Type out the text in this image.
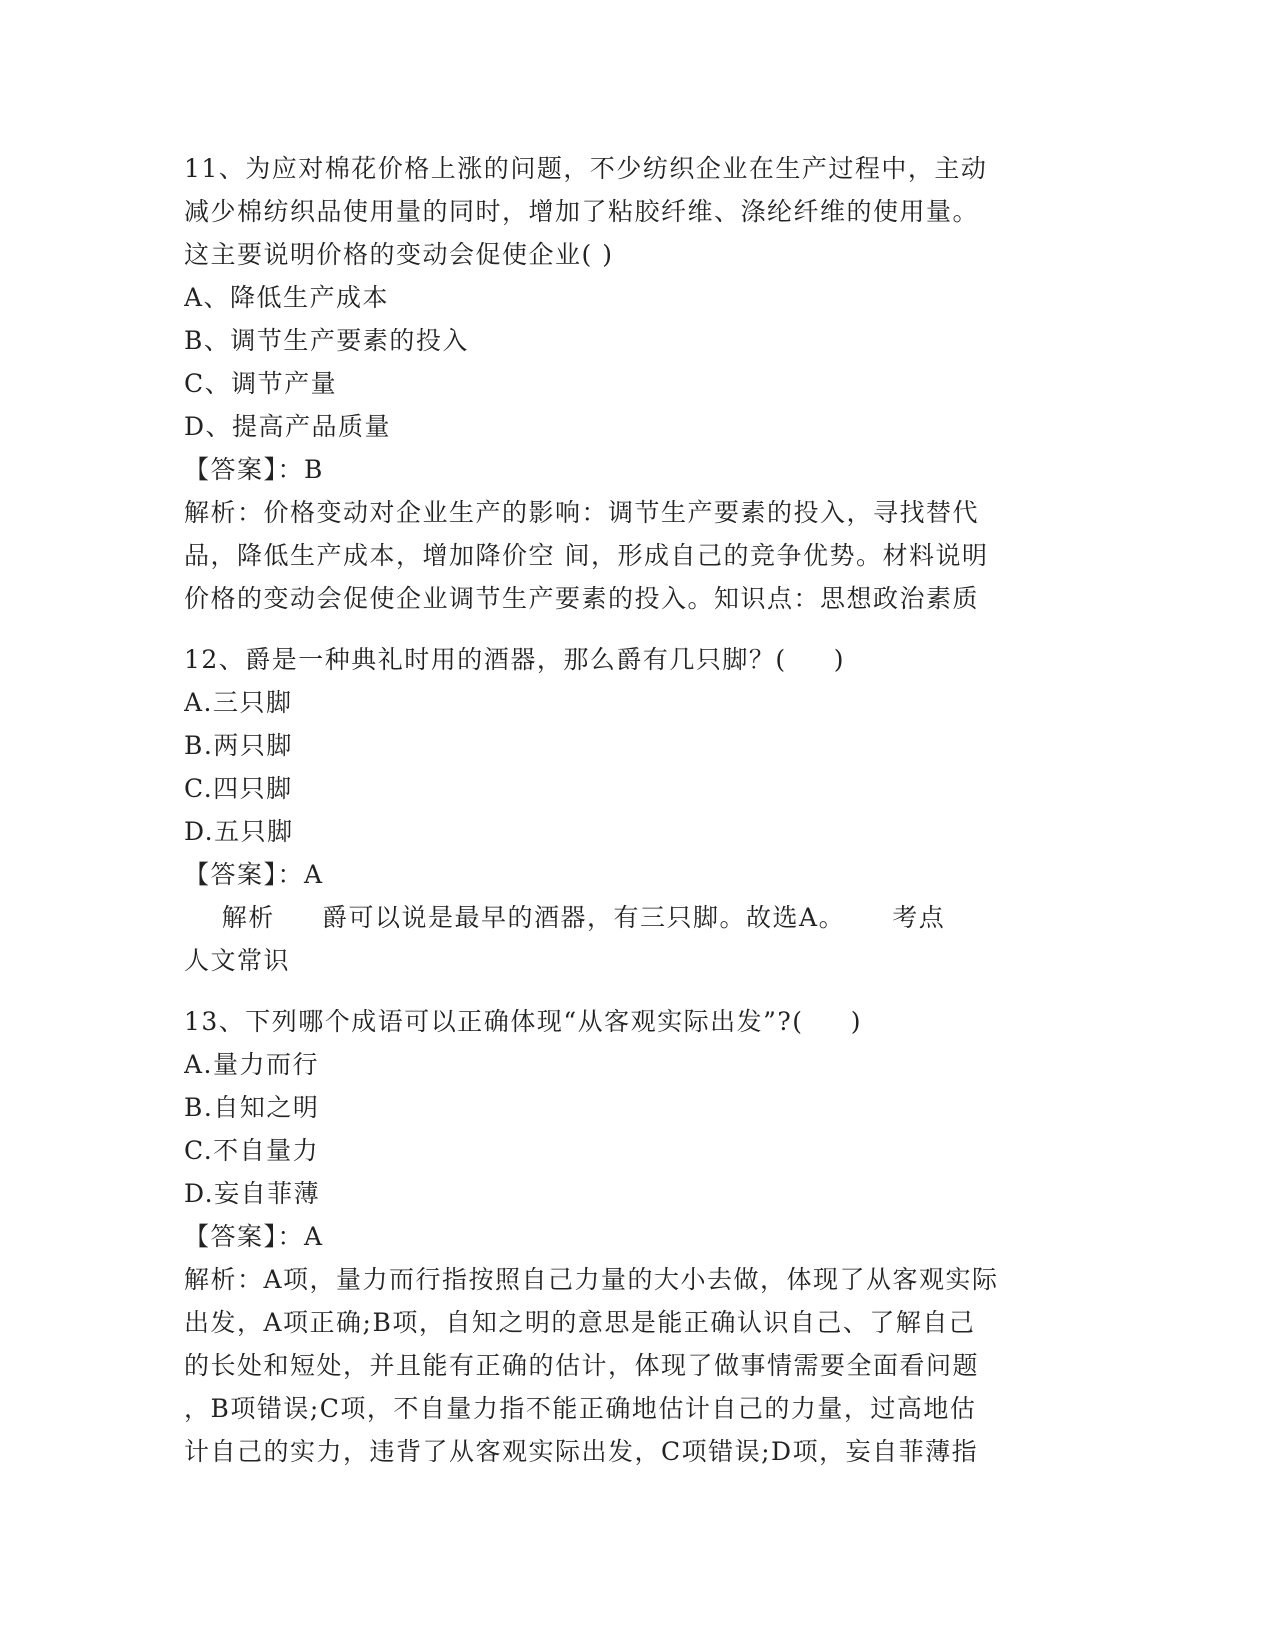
11、为应对棉花价格上涨的问题，不少纺织企业在生产过程中，主动
减少棉纺织品使用量的同时，增加了粘胶纤维、涤纶纤维的使用量。
这主要说明价格的变动会促使企业( )
A、降低生产成本
B、调节生产要素的投入
C、调节产量
D、提高产品质量
【答案】：B
解析：价格变动对企业生产的影响：调节生产要素的投入，寻找替代
品，降低生产成本，增加降价空 间，形成自己的竞争优势。材料说明
价格的变动会促使企业调节生产要素的投入。知识点：思想政治素质
12、爵是一种典礼时用的酒器，那么爵有几只脚？(     )
A.三只脚
B.两只脚
C.四只脚
D.五只脚
【答案】：A
解析     爵可以说是最早的酒器，有三只脚。故选A。     考点
人文常识
13、下列哪个成语可以正确体现“从客观实际出发”?(     )
A.量力而行
B.自知之明
C.不自量力
D.妄自菲薄
【答案】：A
解析：A项，量力而行指按照自己力量的大小去做，体现了从客观实际
出发，A项正确;B项，自知之明的意思是能正确认识自己、了解自己
的长处和短处，并且能有正确的估计，体现了做事情需要全面看问题
，B项错误;C项，不自量力指不能正确地估计自己的力量，过高地估
计自己的实力，违背了从客观实际出发，C项错误;D项，妄自菲薄指
